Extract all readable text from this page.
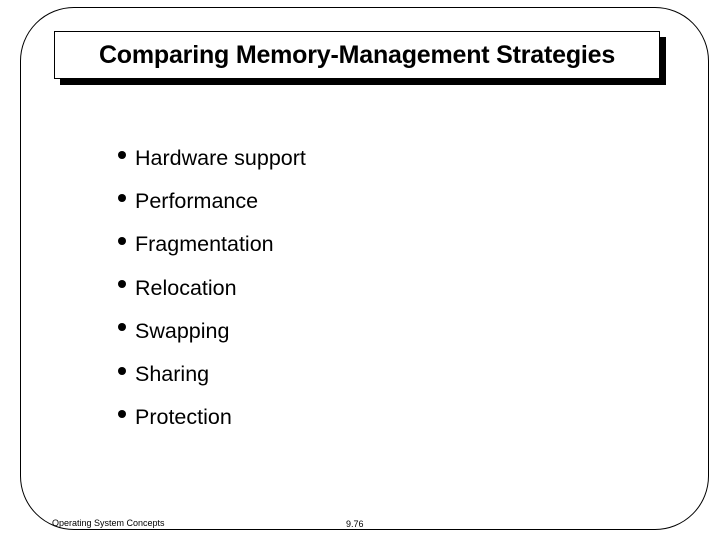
Comparing Memory-Management Strategies
Hardware support
Performance
Fragmentation
Relocation
Swapping
Sharing
Protection
Operating System Concepts	9.76
